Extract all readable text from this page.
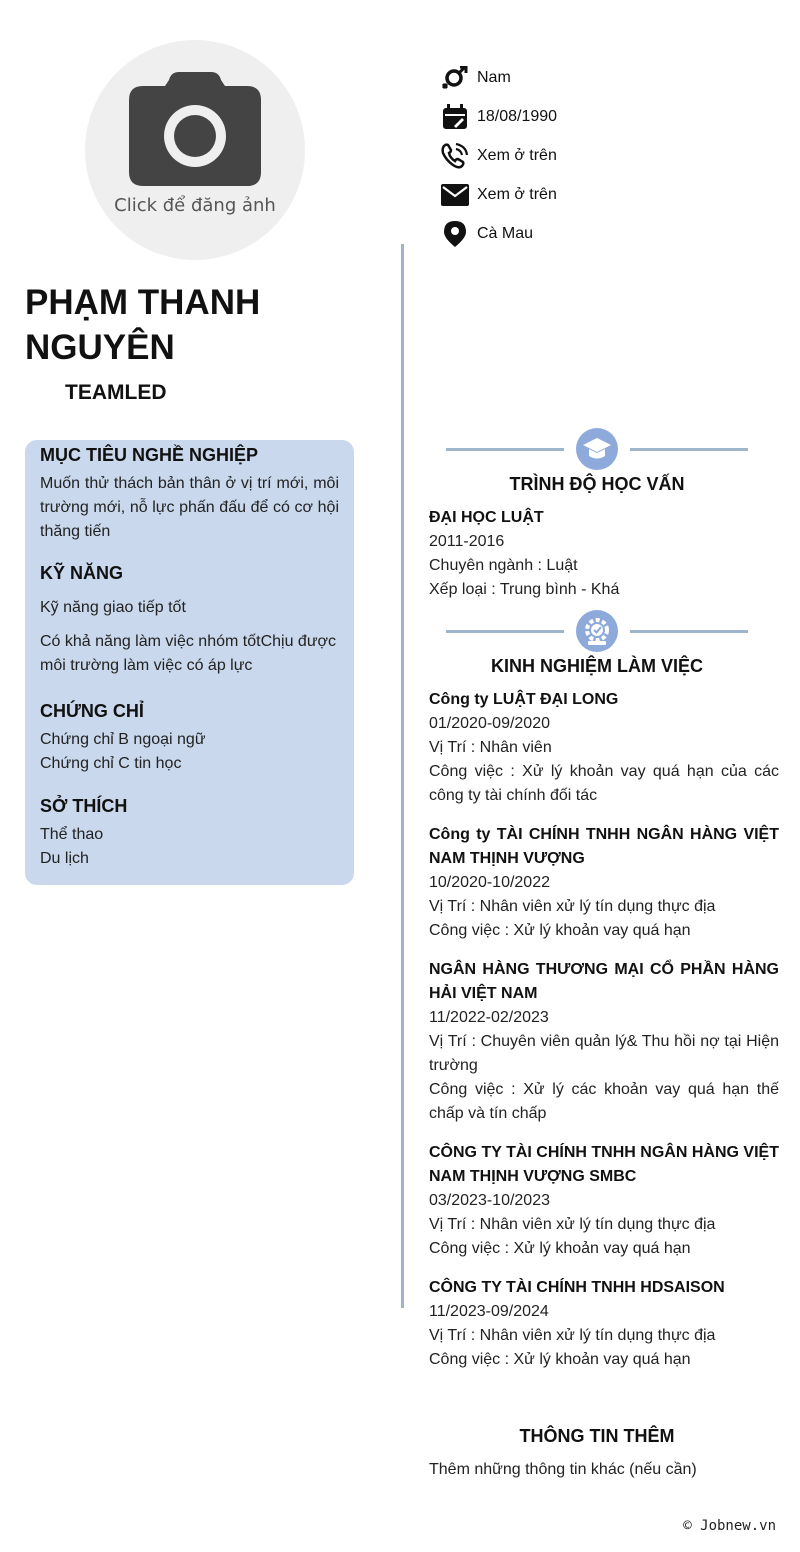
Click để đăng ảnh
Nam
18/08/1990
Xem ở trên
Xem ở trên
Cà Mau
PHẠM THANH NGUYÊN
TEAMLED
MỤC TIÊU NGHỀ NGHIỆP
Muốn thử thách bản thân ở vị trí mới, môi trường mới, nỗ lực phấn đấu để có cơ hội thăng tiến
KỸ NĂNG
Kỹ năng giao tiếp tốt
Có khả năng làm việc nhóm tốtChịu được môi trường làm việc có áp lực
CHỨNG CHỈ
Chứng chỉ B ngoại ngữ
Chứng chỉ C tin học
SỞ THÍCH
Thể thao
Du lịch
TRÌNH ĐỘ HỌC VẤN
ĐẠI HỌC LUẬT
2011-2016
Chuyên ngành : Luật
Xếp loại : Trung bình - Khá
KINH NGHIỆM LÀM VIỆC
Công ty LUẬT ĐẠI LONG
01/2020-09/2020
Vị Trí : Nhân viên
Công việc : Xử lý khoản vay quá hạn của các công ty tài chính đối tác
Công ty TÀI CHÍNH TNHH NGÂN HÀNG VIỆT NAM THỊNH VƯỢNG
10/2020-10/2022
Vị Trí : Nhân viên xử lý tín dụng thực địa
Công việc : Xử lý khoản vay quá hạn
NGÂN HÀNG THƯƠNG MẠI CỔ PHẦN HÀNG HẢI VIỆT NAM
11/2022-02/2023
Vị Trí : Chuyên viên quản lý& Thu hồi nợ tại Hiện trường
Công việc : Xử lý các khoản vay quá hạn thế chấp và tín chấp
CÔNG TY TÀI CHÍNH TNHH NGÂN HÀNG VIỆT NAM THỊNH VƯỢNG SMBC
03/2023-10/2023
Vị Trí : Nhân viên xử lý tín dụng thực địa
Công việc : Xử lý khoản vay quá hạn
CÔNG TY TÀI CHÍNH TNHH HDSAISON
11/2023-09/2024
Vị Trí : Nhân viên xử lý tín dụng thực địa
Công việc : Xử lý khoản vay quá hạn
THÔNG TIN THÊM
Thêm những thông tin khác (nếu cần)
© Jobnew.vn
